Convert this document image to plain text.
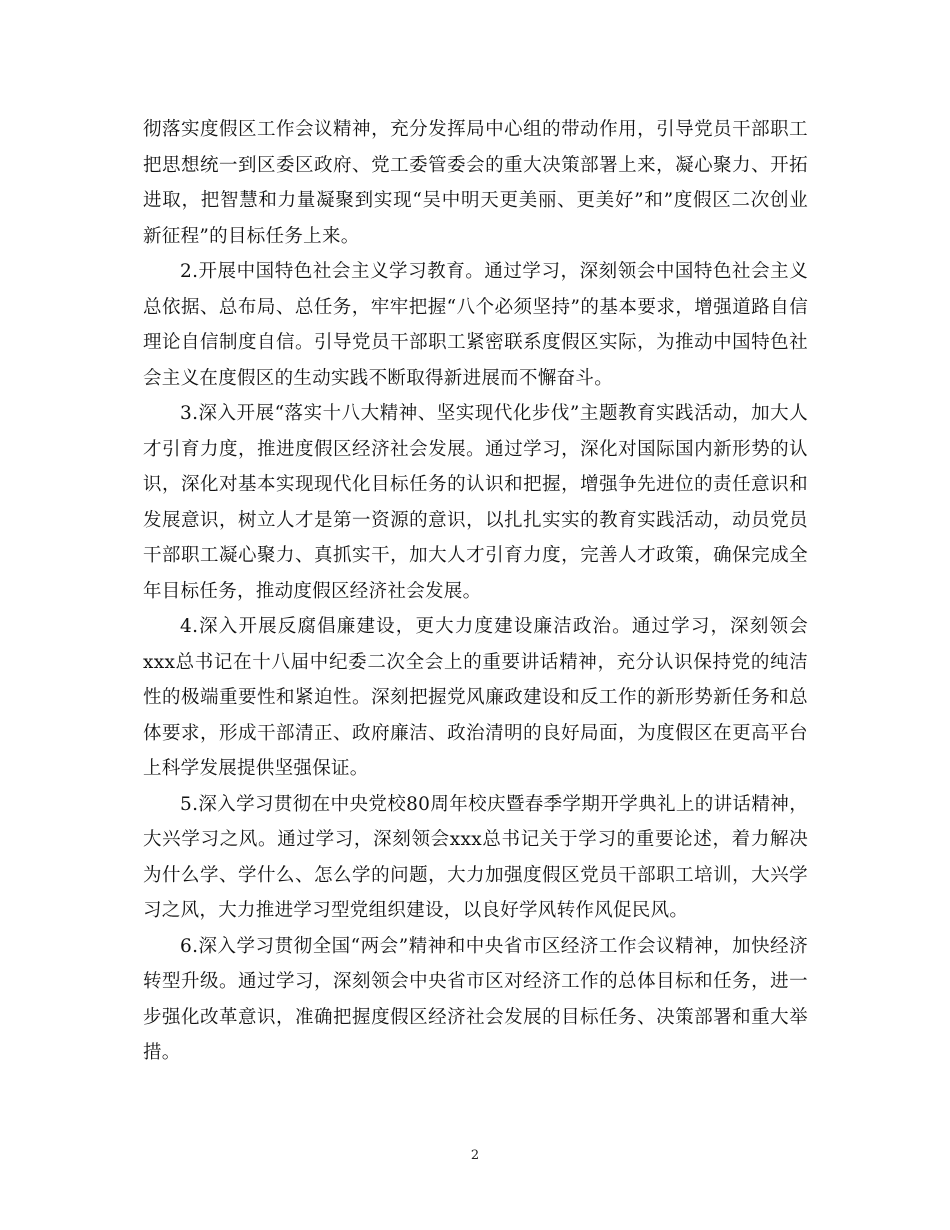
彻落实度假区工作会议精神，充分发挥局中心组的带动作用，引导党员干部职工把思想统一到区委区政府、党工委管委会的重大决策部署上来，凝心聚力、开拓进取，把智慧和力量凝聚到实现“吴中明天更美丽、更美好”和”度假区二次创业新征程”的目标任务上来。

2.开展中国特色社会主义学习教育。通过学习，深刻领会中国特色社会主义总依据、总布局、总任务，牢牢把握“八个必须坚持”的基本要求，增强道路自信理论自信制度自信。引导党员干部职工紧密联系度假区实际，为推动中国特色社会主义在度假区的生动实践不断取得新进展而不懈奋斗。

3.深入开展“落实十八大精神、坚实现代化步伐”主题教育实践活动，加大人才引育力度，推进度假区经济社会发展。通过学习，深化对国际国内新形势的认识，深化对基本实现现代化目标任务的认识和把握，增强争先进位的责任意识和发展意识，树立人才是第一资源的意识，以扎扎实实的教育实践活动，动员党员干部职工凝心聚力、真抓实干，加大人才引育力度，完善人才政策，确保完成全年目标任务，推动度假区经济社会发展。

4.深入开展反腐倡廉建设，更大力度建设廉洁政治。通过学习，深刻领会xxx总书记在十八届中纪委二次全会上的重要讲话精神，充分认识保持党的纯洁性的极端重要性和紧迫性。深刻把握党风廉政建设和反工作的新形势新任务和总体要求，形成干部清正、政府廉洁、政治清明的良好局面，为度假区在更高平台上科学发展提供坚强保证。

5.深入学习贯彻在中央党校80周年校庆暨春季学期开学典礼上的讲话精神，大兴学习之风。通过学习，深刻领会xxx总书记关于学习的重要论述，着力解决为什么学、学什么、怎么学的问题，大力加强度假区党员干部职工培训，大兴学习之风，大力推进学习型党组织建设，以良好学风转作风促民风。

6.深入学习贯彻全国“两会”精神和中央省市区经济工作会议精神，加快经济转型升级。通过学习，深刻领会中央省市区对经济工作的总体目标和任务，进一步强化改革意识，准确把握度假区经济社会发展的目标任务、决策部署和重大举措。

2
